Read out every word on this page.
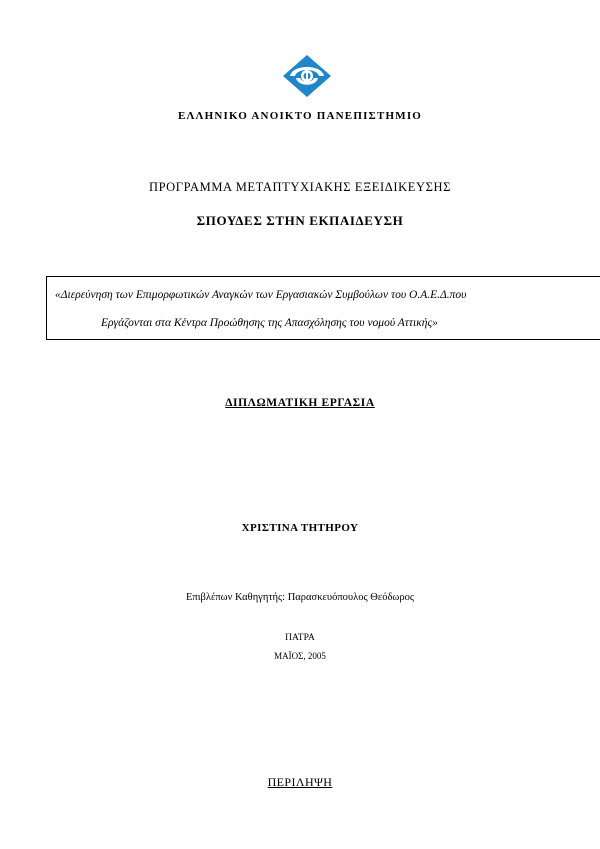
ΕΛΛΗΝΙΚΟ ΑΝΟΙΚΤΟ ΠΑΝΕΠΙΣΤΗΜΙΟ
ΠΡΟΓΡΑΜΜΑ ΜΕΤΑΠΤΥΧΙΑΚΗΣ ΕΞΕΙΔΙΚΕΥΣΗΣ
ΣΠΟΥΔΕΣ ΣΤΗΝ ΕΚΠΑΙΔΕΥΣΗ
«Διερεύνηση των Επιμορφωτικών Αναγκών των Εργασιακών Συμβούλων του Ο.Α.Ε.Δ.που
Εργάζονται στα Κέντρα Προώθησης της Απασχόλησης του νομού Αττικής»
ΔΙΠΛΩΜΑΤΙΚΗ ΕΡΓΑΣΙΑ
ΧΡΙΣΤΙΝΑ ΤΗΤΗΡΟΥ
Επιβλέπων Καθηγητής: Παρασκευόπουλος Θεόδωρος
ΠΑΤΡΑ
ΜΑΪΟΣ, 2005
ΠΕΡΙΛΗΨΗ
